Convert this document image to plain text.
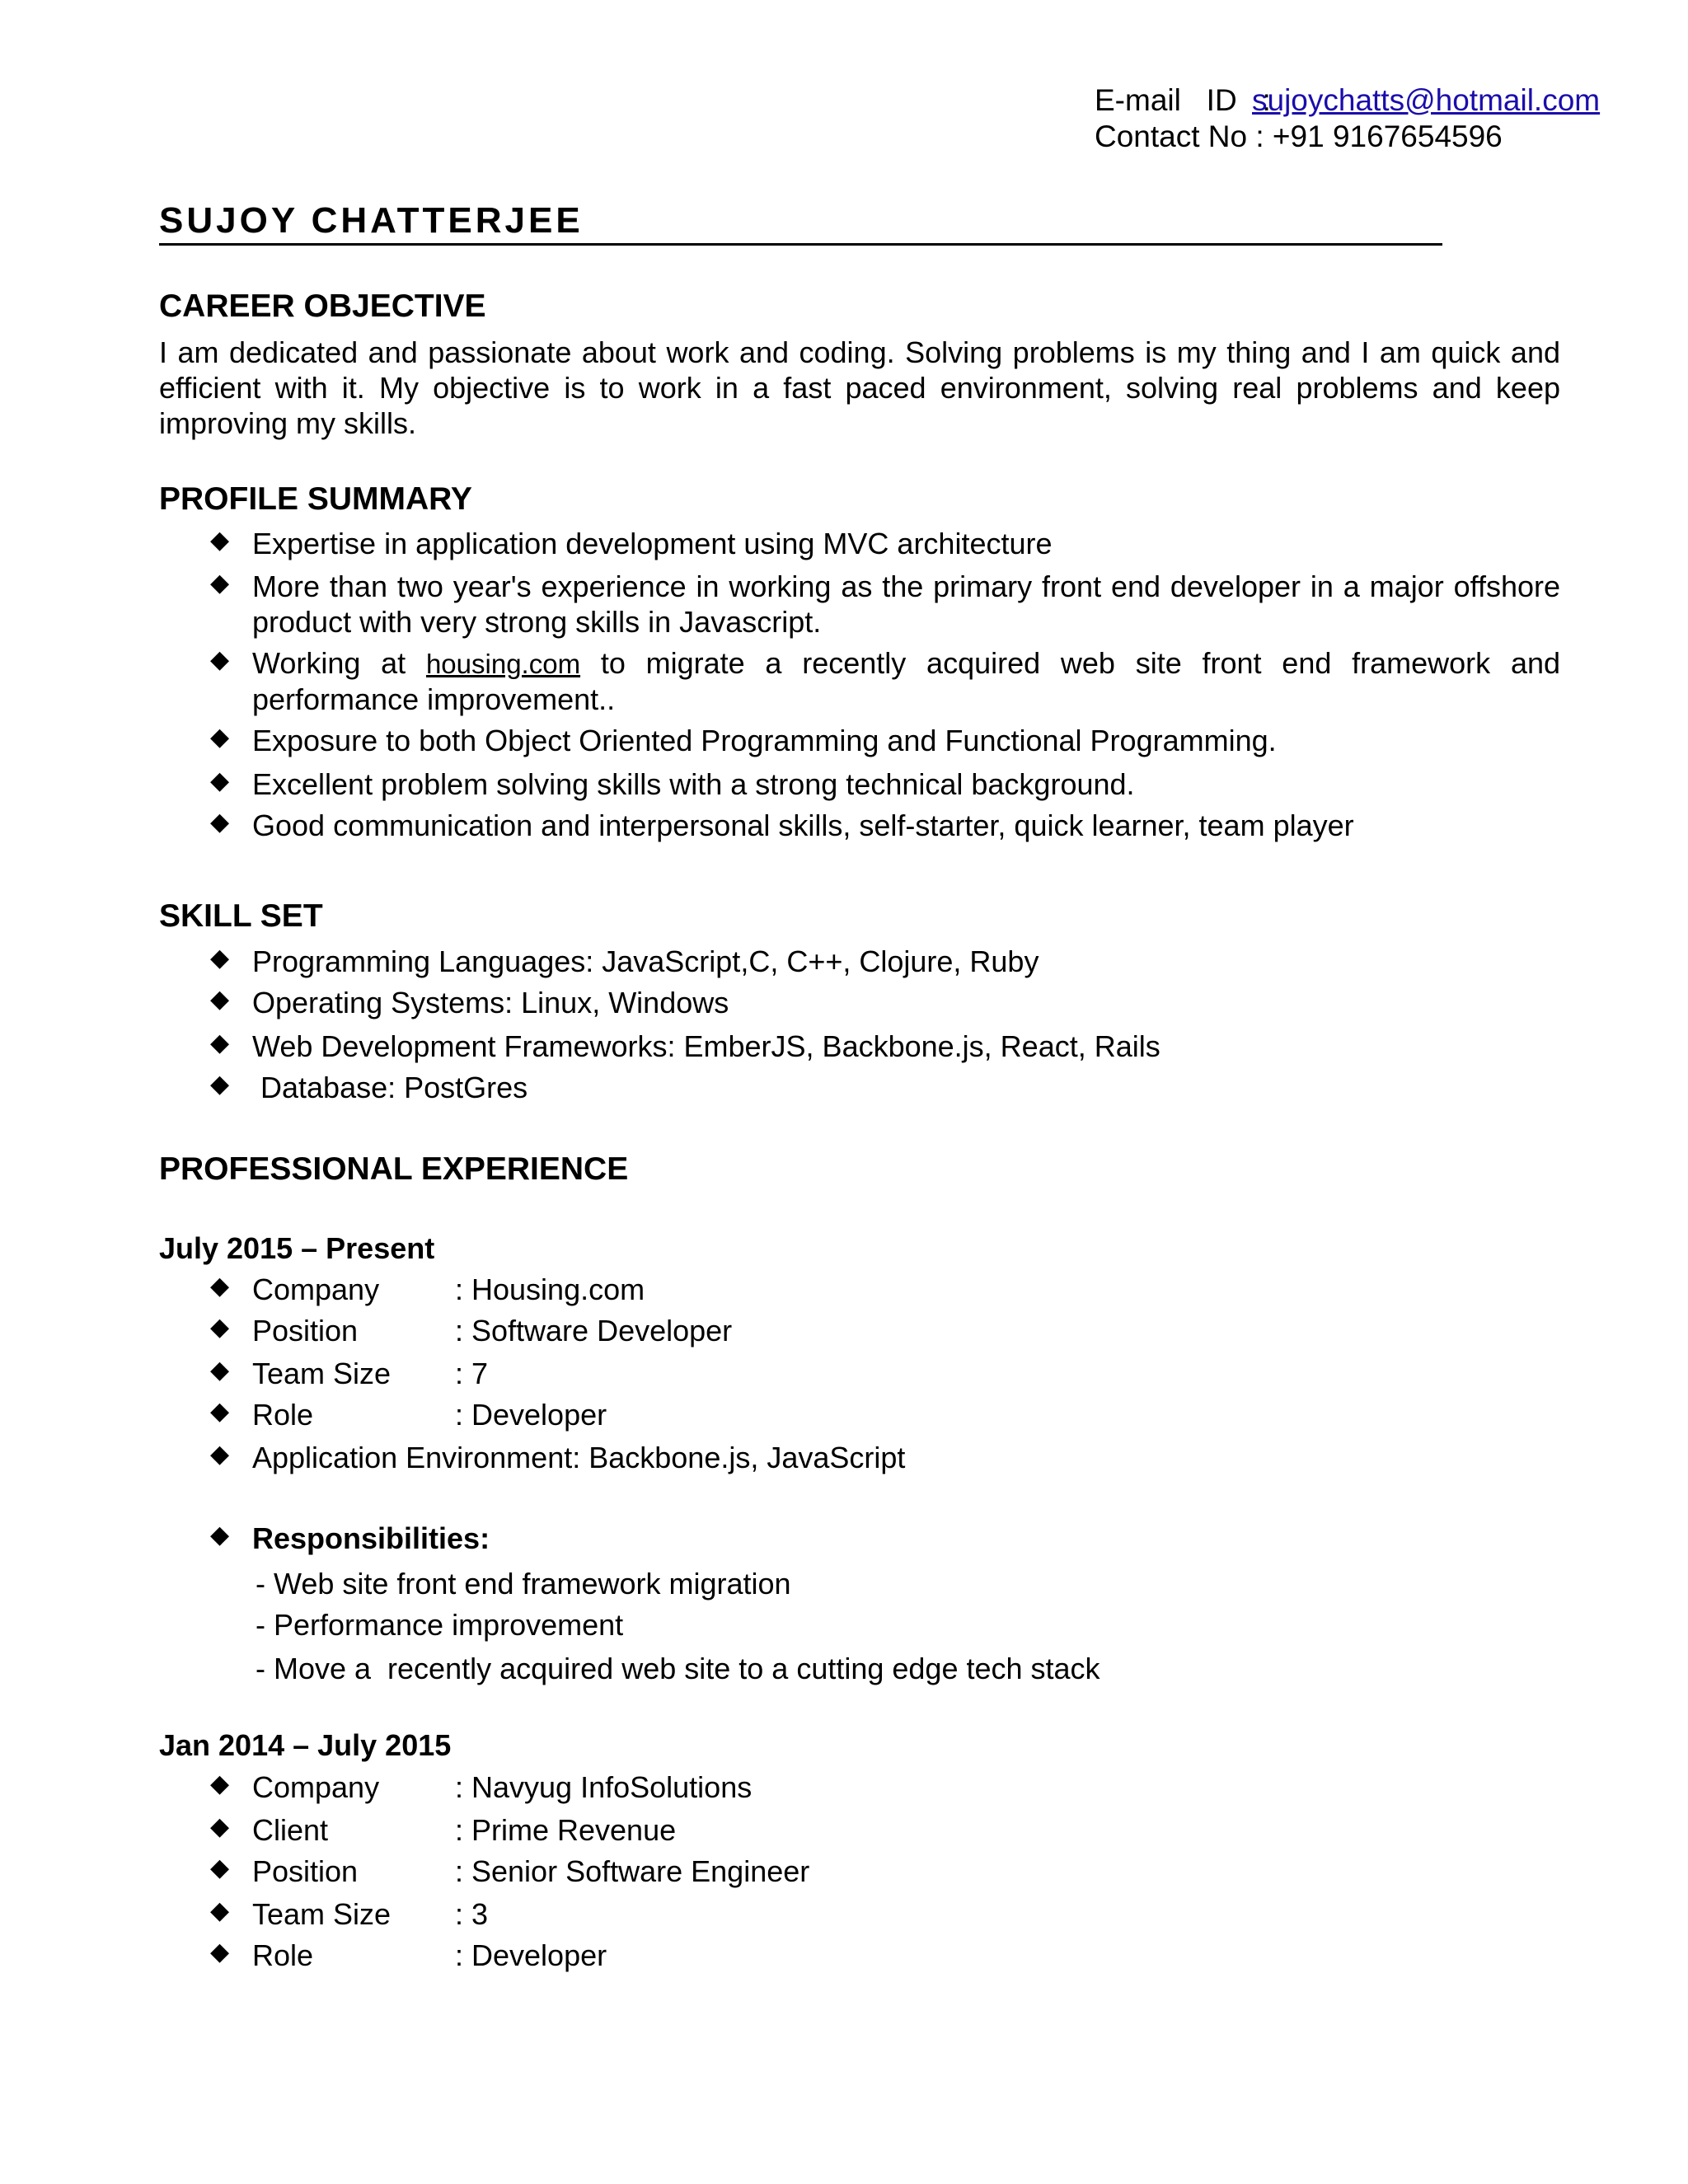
E-mail   ID   : sujoychatts@hotmail.com
Contact No : +91 9167654596
SUJOY CHATTERJEE
CAREER OBJECTIVE
I am dedicated and passionate about work and coding. Solving problems is my thing and I am quick and efficient with it. My objective is to work in a fast paced environment, solving real problems and keep improving my skills.
PROFILE SUMMARY
◆ Expertise in application development using MVC architecture
◆ More than two year's experience in working as the primary front end developer in a major offshore product with very strong skills in Javascript.
◆ Working at housing.com to migrate a recently acquired web site front end framework and performance improvement..
◆ Exposure to both Object Oriented Programming and Functional Programming.
◆ Excellent problem solving skills with a strong technical background.
◆ Good communication and interpersonal skills, self-starter, quick learner, team player
SKILL SET
◆ Programming Languages: JavaScript,C, C++, Clojure, Ruby
◆ Operating Systems: Linux, Windows
◆ Web Development Frameworks: EmberJS, Backbone.js, React, Rails
◆ Database: PostGres
PROFESSIONAL EXPERIENCE
July 2015 – Present
◆ Company	: Housing.com
◆ Position	: Software Developer
◆ Team Size : 7
◆ Role	: Developer
◆ Application Environment: Backbone.js, JavaScript
◆ Responsibilities:
- Web site front end framework migration
- Performance improvement
- Move a  recently acquired web site to a cutting edge tech stack
Jan 2014 – July 2015
◆ Company	: Navyug InfoSolutions
◆ Client	: Prime Revenue
◆ Position	: Senior Software Engineer
◆ Team Size : 3
◆ Role	: Developer
